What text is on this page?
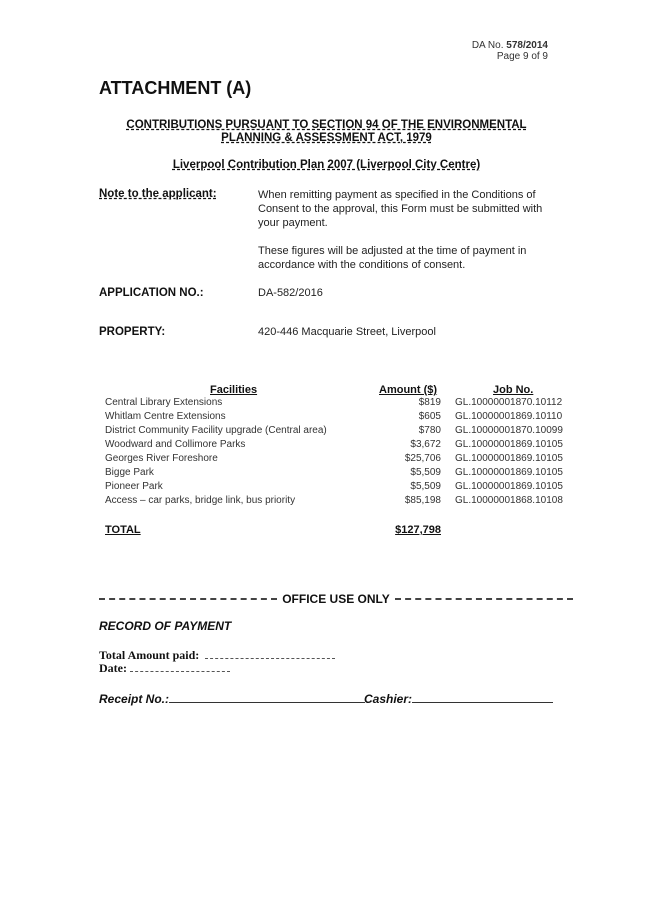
DA No. 578/2014
Page 9 of 9
ATTACHMENT (A)
CONTRIBUTIONS PURSUANT TO SECTION 94 OF THE ENVIRONMENTAL
PLANNING & ASSESSMENT ACT, 1979
Liverpool Contribution Plan 2007 (Liverpool City Centre)
Note to the applicant:	When remitting payment as specified in the Conditions of Consent to the approval, this Form must be submitted with your payment.
These figures will be adjusted at the time of payment in accordance with the conditions of consent.
APPLICATION NO.:	DA-582/2016
PROPERTY:	420-446 Macquarie Street, Liverpool
Facilities	Amount ($)	Job No.
Central Library Extensions	$819 GL.10000001870.10112
Whitlam Centre Extensions	$605 GL.10000001869.10110
District Community Facility upgrade (Central area)	$780 GL.10000001870.10099
Woodward and Collimore Parks	$3,672 GL.10000001869.10105
Georges River Foreshore	$25,706 GL.10000001869.10105
Bigge Park	$5,509 GL.10000001869.10105
Pioneer Park	$5,509 GL.10000001869.10105
Access – car parks, bridge link, bus priority	$85,198 GL.10000001868.10108
TOTAL	$127,798
OFFICE USE ONLY
RECORD OF PAYMENT
Total Amount paid:
Date:
Receipt No.:	Cashier:
